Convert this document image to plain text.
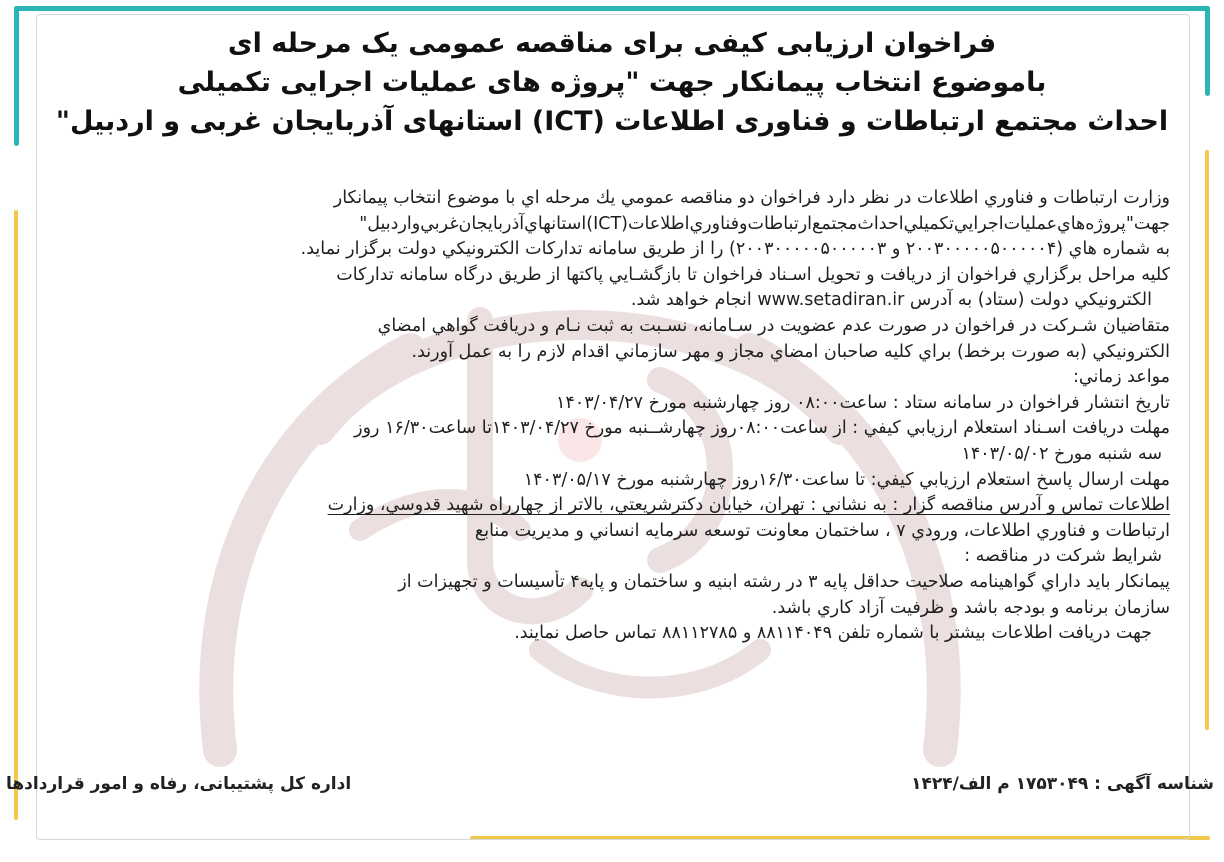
فراخوان ارزیابی کیفی برای مناقصه عمومی یک مرحله ای
باموضوع انتخاب پیمانکار جهت "پروژه های عملیات اجرایی تکمیلی
احداث مجتمع ارتباطات و فناوری اطلاعات (ICT) استانهای آذربایجان غربی و اردبیل"
وزارت ارتباطات و فناوري اطلاعات در نظر دارد فراخوان دو مناقصه عمومي يك مرحله اي با موضوع انتخاب پیمانکار
جهت"پروژه‌هاي‌عملیات‌اجرايي‌تكميلي‌احداث‌مجتمع‌ارتباطات‌وفناوري‌اطلاعات(ICT)استانهاي‌آذربايجان‌غربي‌واردبيل"
به شماره هاي (۲۰۰۳۰۰۰۰۰۵۰۰۰۰۰۴ و ۲۰۰۳۰۰۰۰۰۵۰۰۰۰۰۳) را از طريق سامانه تداركات الكترونيكي دولت برگزار نمايد.
كليه مراحل برگزاري فراخوان از دريافت و تحويل اسـناد فراخوان تا بازگشـايي پاكتها از طريق درگاه سامانه تداركات
الكترونيكي دولت (ستاد) به آدرس www.setadiran.ir انجام خواهد شد.
متقاضيان شـركت در فراخوان در صورت عدم عضويت در سـامانه، نسـبت به ثبت نـام و دريافت گواهي امضاي
الكترونيكي (به صورت برخط) براي كليه صاحبان امضاي مجاز و مهر سازماني اقدام لازم را به عمل آورند.
مواعد زماني:
تاريخ انتشار فراخوان در سامانه ستاد : ساعت۰۸:۰۰ روز چهارشنبه مورخ ۱۴۰۳/۰۴/۲۷
مهلت دريافت اسـناد استعلام ارزيابي كيفي : از ساعت۰۸:۰۰روز چهارشــنبه مورخ ۱۴۰۳/۰۴/۲۷تا ساعت۱۶/۳۰ روز
سه شنبه مورخ ۱۴۰۳/۰۵/۰۲
مهلت ارسال پاسخ استعلام ارزيابي كيفي: تا ساعت۱۶/۳۰روز چهارشنبه مورخ ۱۴۰۳/۰۵/۱۷
اطلاعات تماس و آدرس مناقصه گزار : به نشاني : تهران، خيابان دكترشريعتي، بالاتر از چهارراه شهيد قدوسي، وزارت
ارتباطات و فناوري اطلاعات، ورودي ۷ ، ساختمان معاونت توسعه سرمايه انساني و مديريت منابع
شرايط شركت در مناقصه :
پيمانكار بايد داراي گواهينامه صلاحيت حداقل پايه ۳ در رشته ابنيه و ساختمان و پايه۴ تأسيسات و تجهيزات از
سازمان برنامه و بودجه باشد و ظرفيت آزاد كاري باشد.
جهت دريافت اطلاعات بيشتر با شماره تلفن ۸۸۱۱۴۰۴۹ و ۸۸۱۱۲۷۸۵ تماس حاصل نمايند.
شناسه آگهی : ۱۷۵۳۰۴۹ م الف/۱۴۲۴
اداره کل پشتیبانی، رفاه و امور قراردادها
